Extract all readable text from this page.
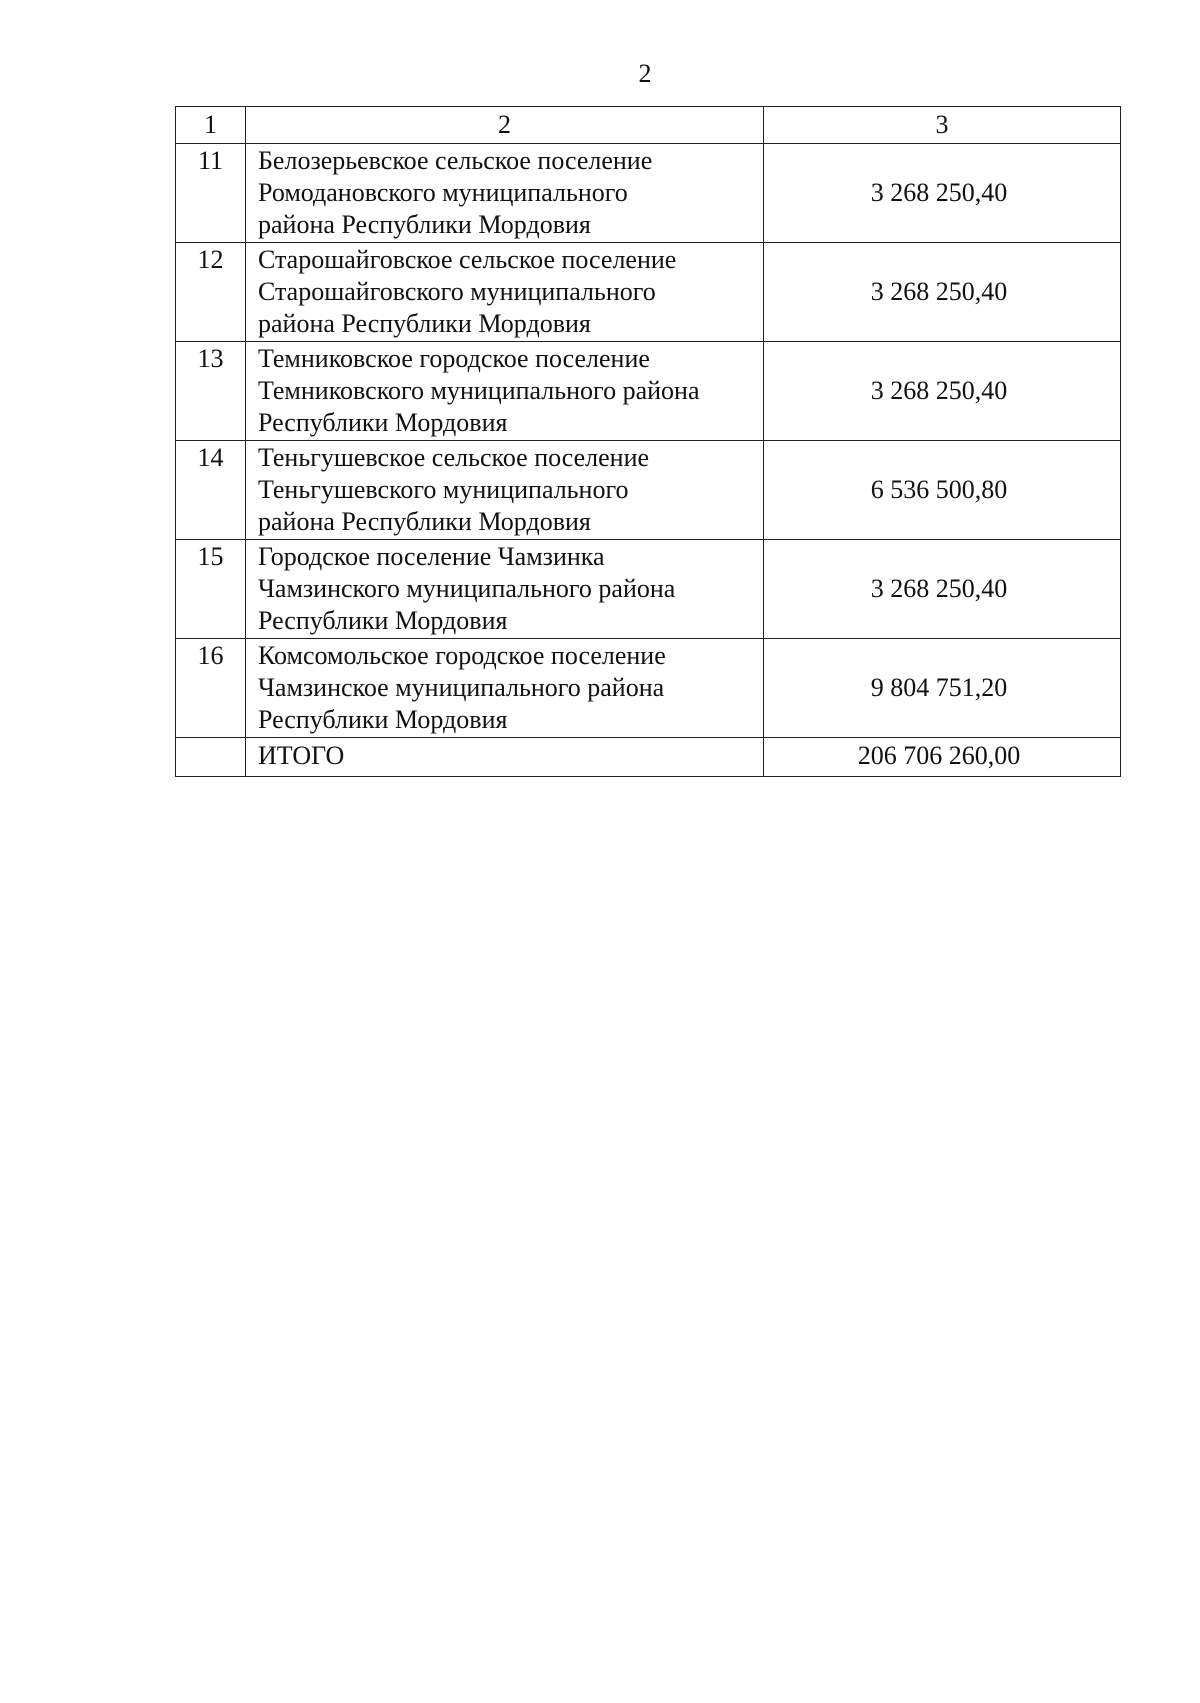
2
1	2	3
11	Белозерьевское сельское поселение
Ромодановского муниципального
района Республики Мордовия	3 268 250,40
12	Старошайговское сельское поселение
Старошайговского муниципального
района Республики Мордовия	3 268 250,40
13	Темниковское городское поселение
Темниковского муниципального района
Республики Мордовия	3 268 250,40
14	Теньгушевское сельское поселение
Теньгушевского муниципального
района Республики Мордовия	6 536 500,80
15	Городское поселение Чамзинка
Чамзинского муниципального района
Республики Мордовия	3 268 250,40
16	Комсомольское городское поселение
Чамзинское муниципального района
Республики Мордовия	9 804 751,20
	ИТОГО	206 706 260,00
